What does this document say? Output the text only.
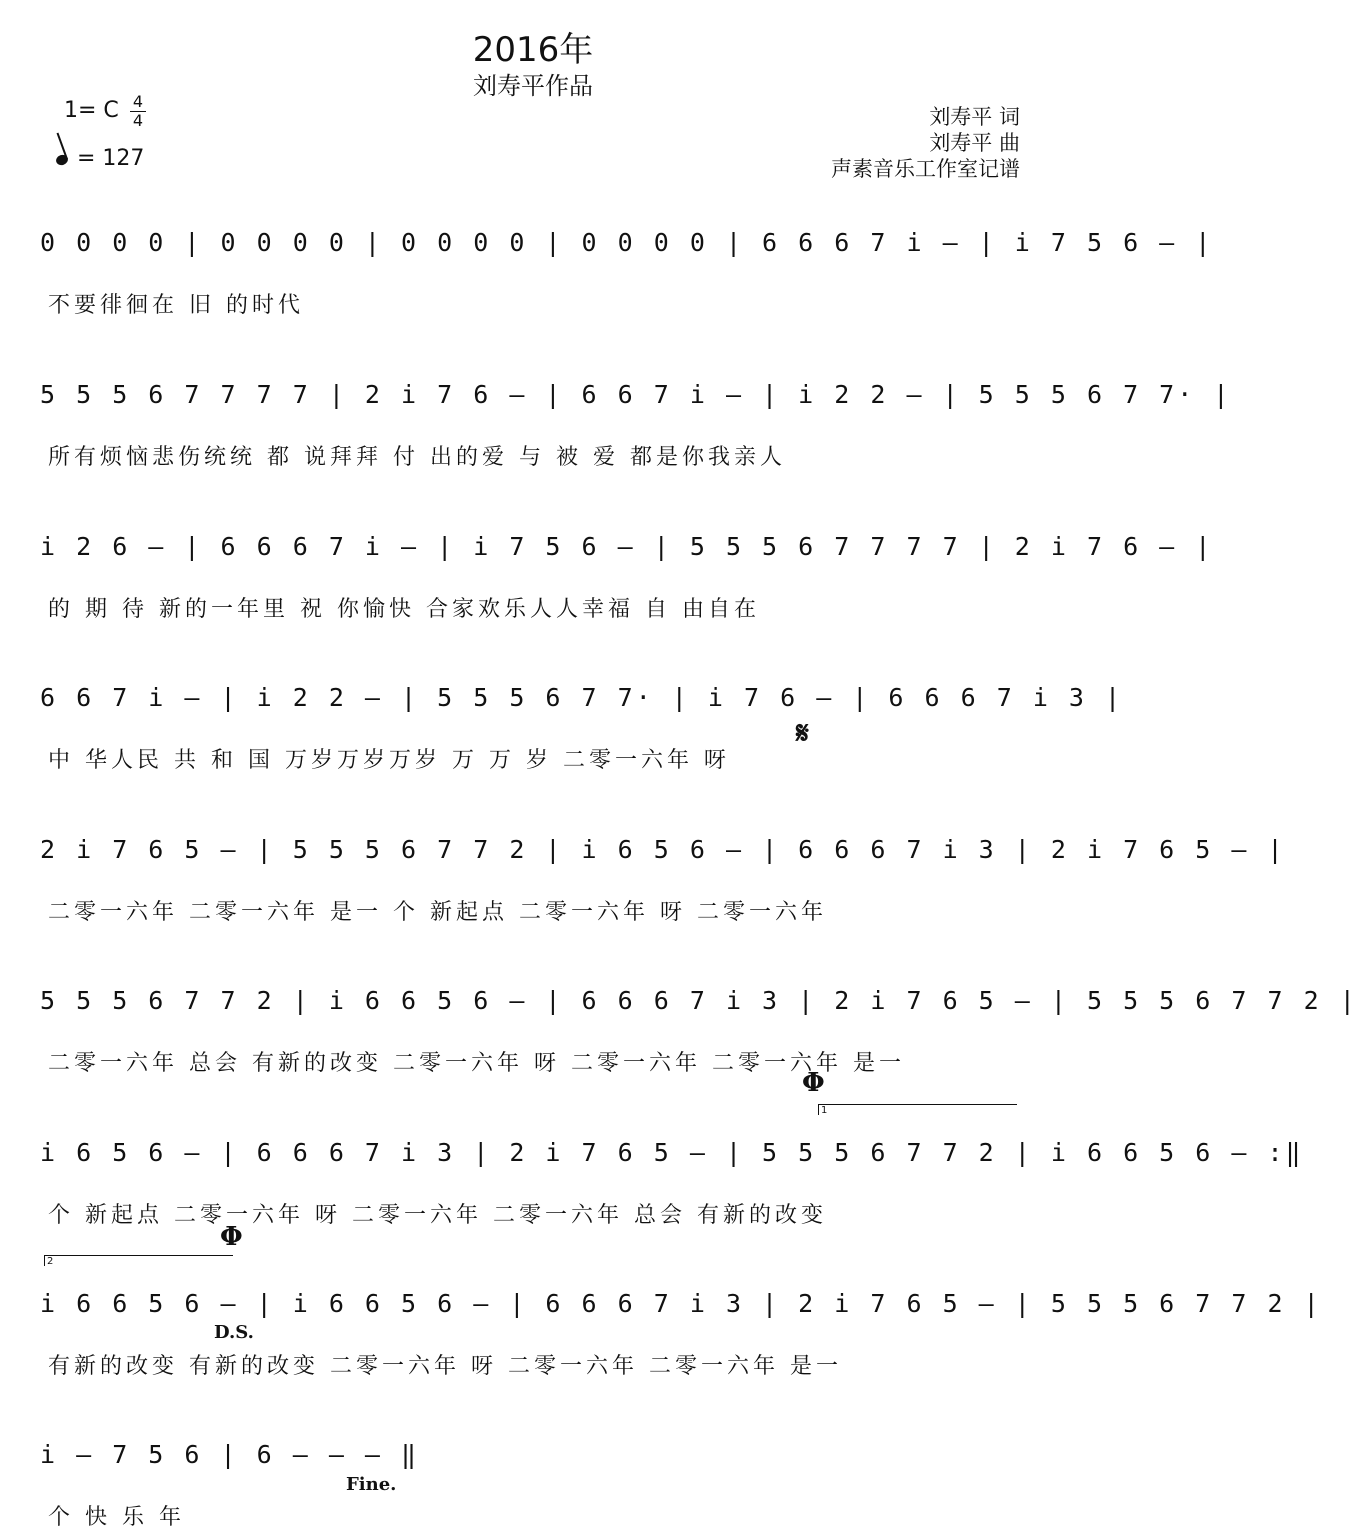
2016年
刘寿平作品
1= C 4
4
= 127
刘寿平 词
刘寿平 曲
声素音乐工作室记谱
0 0 0 0 | 0 0 0 0 | 0 0 0 0 | 0 0 0 0 | 6 6 6 7 i – | i 7 5 6 – |
不要徘徊在 旧 的时代
5 5 5 6 7 7 7 7 | 2 i 7 6 – | 6 6 7 i – | i 2 2 – | 5 5 5 6 7 7· |
所有烦恼悲伤统统 都 说拜拜 付 出的爱 与 被 爱 都是你我亲人
i 2 6 – | 6 6 6 7 i – | i 7 5 6 – | 5 5 5 6 7 7 7 7 | 2 i 7 6 – |
的 期 待 新的一年里 祝 你愉快 合家欢乐人人幸福 自 由自在
6 6 7 i – | i 2 2 – | 5 5 5 6 7 7· | i 7 6 – | 6 6 6 7 i 3 |
中 华人民 共 和 国 万岁万岁万岁 万 万 岁 二零一六年 呀
2 i 7 6 5 – | 5 5 5 6 7 7 2 | i 6 5 6 – | 6 6 6 7 i 3 | 2 i 7 6 5 – |
二零一六年 二零一六年 是一 个 新起点 二零一六年 呀 二零一六年
5 5 5 6 7 7 2 | i 6 6 5 6 – | 6 6 6 7 i 3 | 2 i 7 6 5 – | 5 5 5 6 7 7 2 |
二零一六年 总会 有新的改变 二零一六年 呀 二零一六年 二零一六年 是一
i 6 5 6 – | 6 6 6 7 i 3 | 2 i 7 6 5 – | 5 5 5 6 7 7 2 | i 6 6 5 6 – :‖
个 新起点 二零一六年 呀 二零一六年 二零一六年 总会 有新的改变
i 6 6 5 6 – | i 6 6 5 6 – | 6 6 6 7 i 3 | 2 i 7 6 5 – | 5 5 5 6 7 7 2 |
有新的改变 有新的改变 二零一六年 呀 二零一六年 二零一六年 是一
i – 7 5 6 | 6 – – – ‖
个 快 乐 年
𝄋
Φ
1
Φ
2
D.S.
Fine.
